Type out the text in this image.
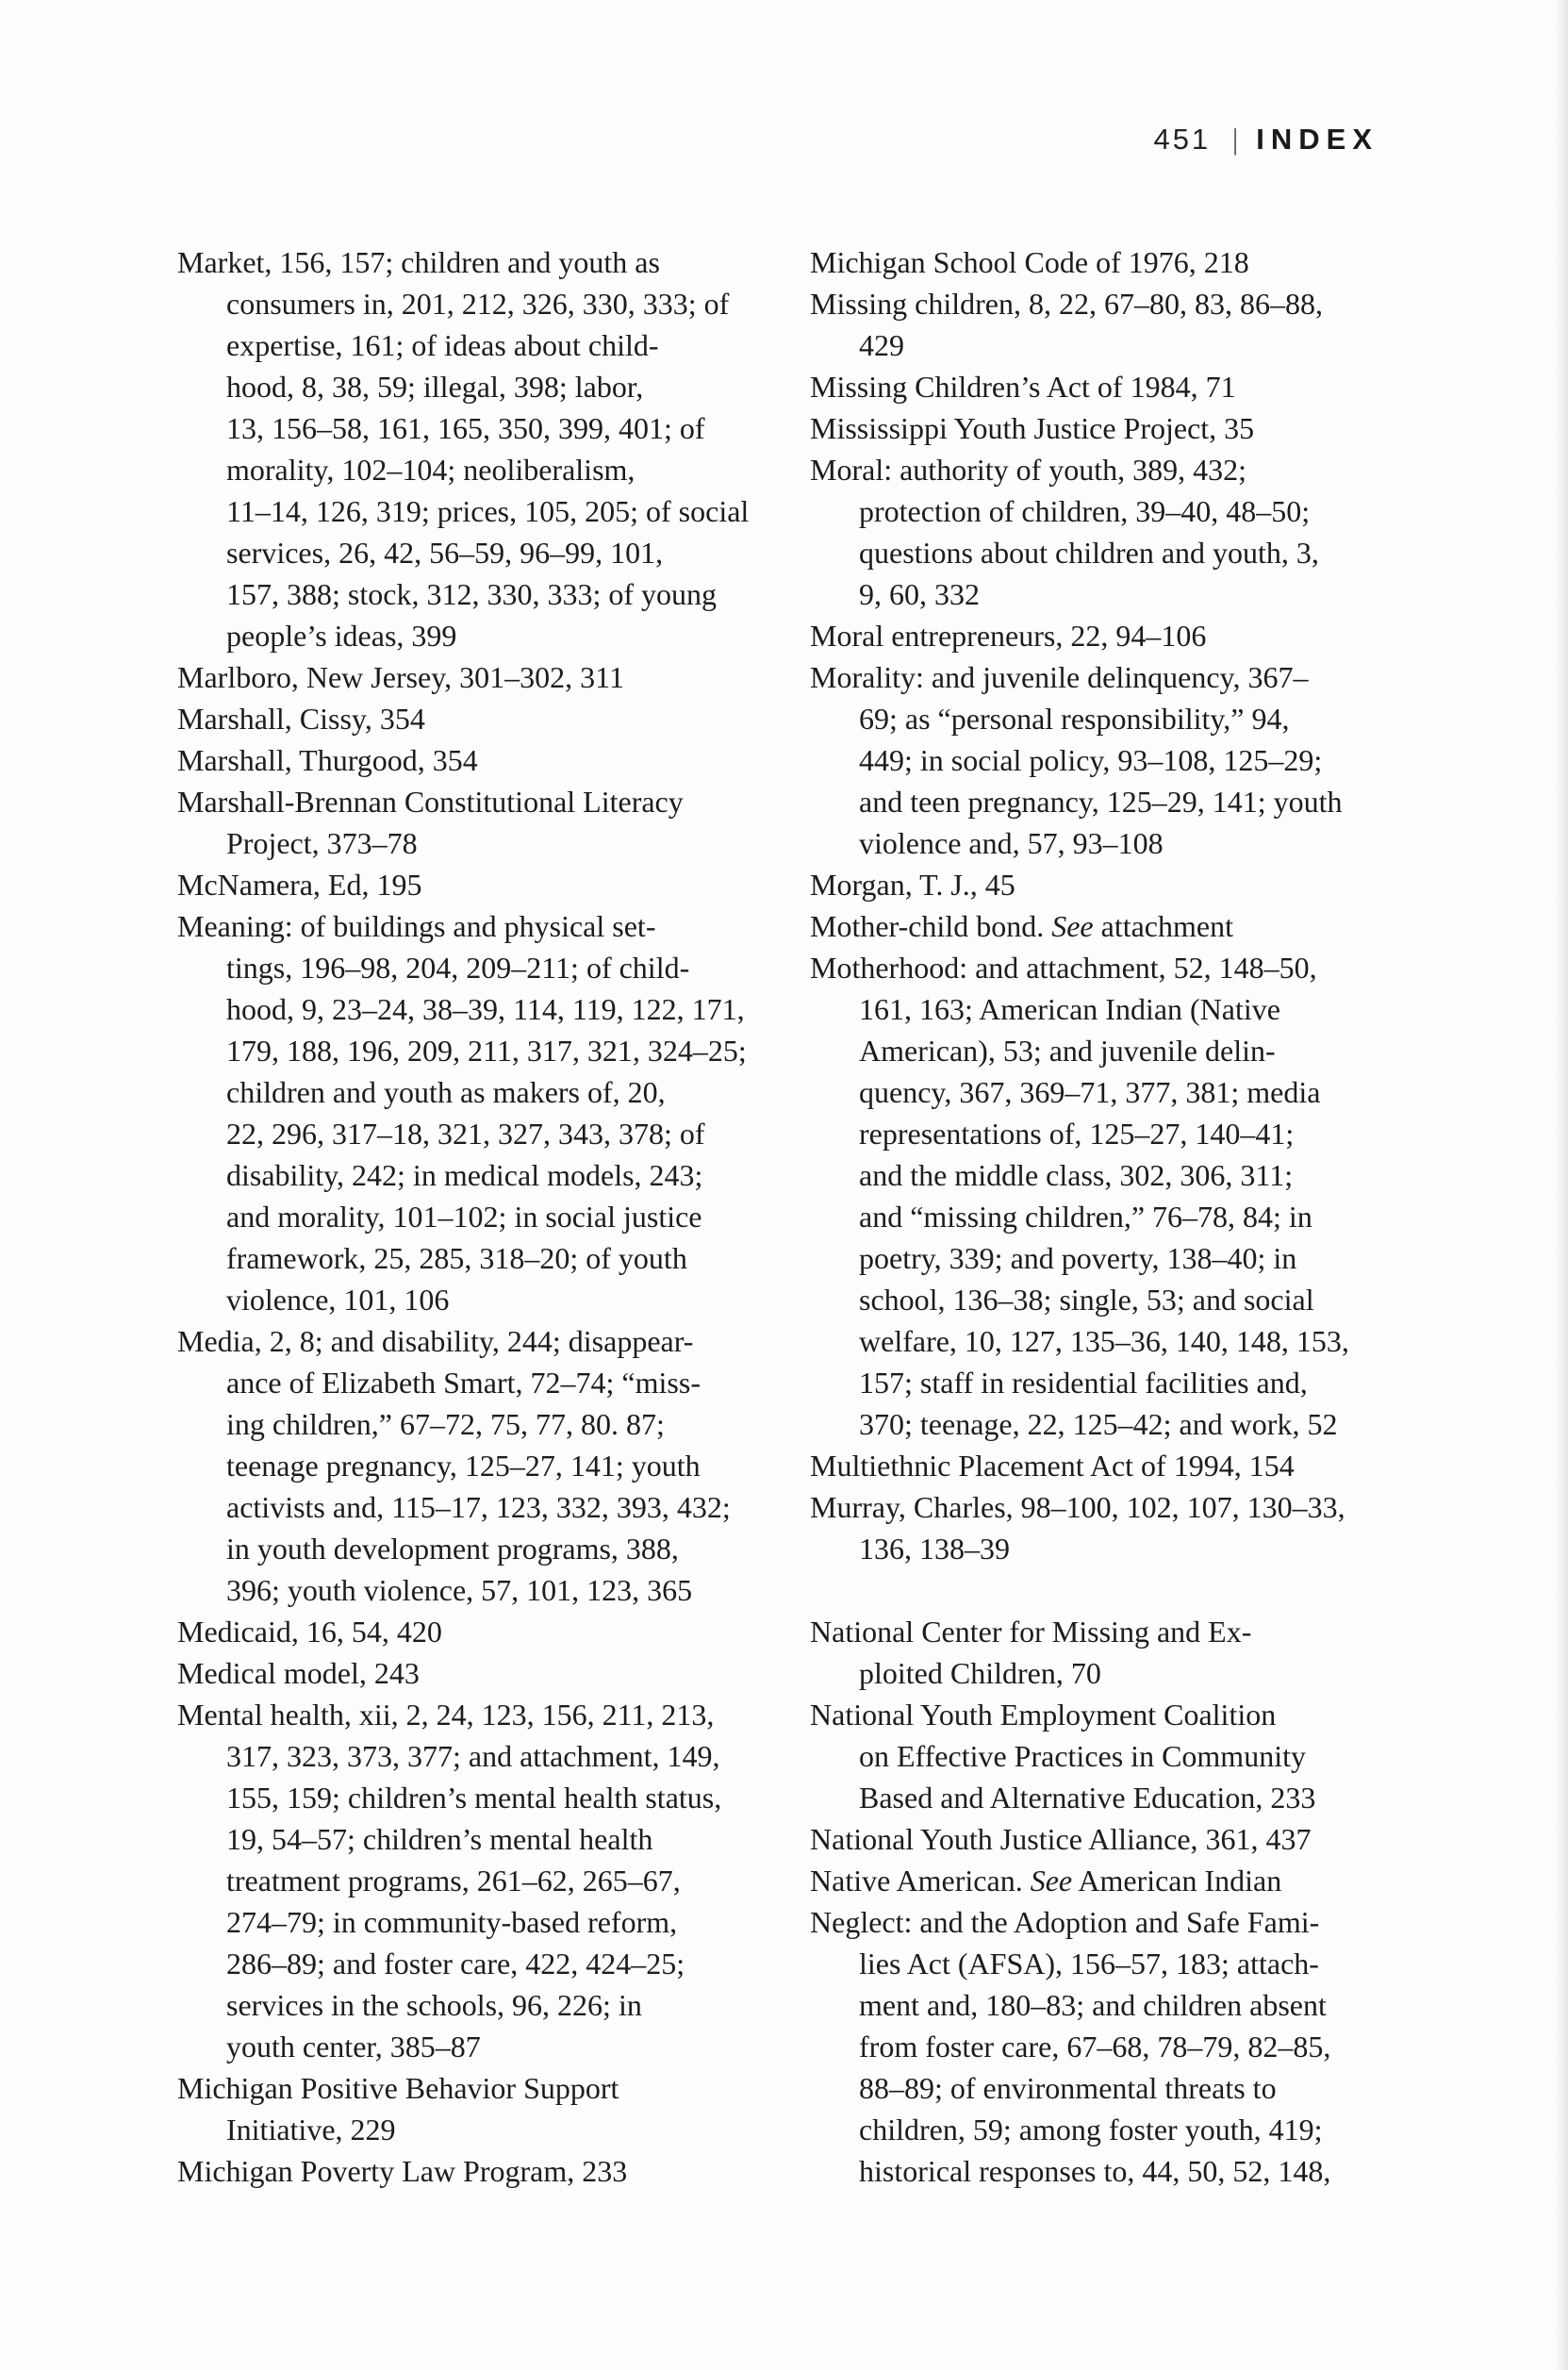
451 | INDEX
Market, 156, 157; children and youth as
consumers in, 201, 212, 326, 330, 333; of
expertise, 161; of ideas about child-
hood, 8, 38, 59; illegal, 398; labor,
13, 156–58, 161, 165, 350, 399, 401; of
morality, 102–104; neoliberalism,
11–14, 126, 319; prices, 105, 205; of social
services, 26, 42, 56–59, 96–99, 101,
157, 388; stock, 312, 330, 333; of young
people’s ideas, 399
Marlboro, New Jersey, 301–302, 311
Marshall, Cissy, 354
Marshall, Thurgood, 354
Marshall-Brennan Constitutional Literacy
Project, 373–78
McNamera, Ed, 195
Meaning: of buildings and physical set-
tings, 196–98, 204, 209–211; of child-
hood, 9, 23–24, 38–39, 114, 119, 122, 171,
179, 188, 196, 209, 211, 317, 321, 324–25;
children and youth as makers of, 20,
22, 296, 317–18, 321, 327, 343, 378; of
disability, 242; in medical models, 243;
and morality, 101–102; in social justice
framework, 25, 285, 318–20; of youth
violence, 101, 106
Media, 2, 8; and disability, 244; disappear-
ance of Elizabeth Smart, 72–74; “miss-
ing children,” 67–72, 75, 77, 80. 87;
teenage pregnancy, 125–27, 141; youth
activists and, 115–17, 123, 332, 393, 432;
in youth development programs, 388,
396; youth violence, 57, 101, 123, 365
Medicaid, 16, 54, 420
Medical model, 243
Mental health, xii, 2, 24, 123, 156, 211, 213,
317, 323, 373, 377; and attachment, 149,
155, 159; children’s mental health status,
19, 54–57; children’s mental health
treatment programs, 261–62, 265–67,
274–79; in community-based reform,
286–89; and foster care, 422, 424–25;
services in the schools, 96, 226; in
youth center, 385–87
Michigan Positive Behavior Support
Initiative, 229
Michigan Poverty Law Program, 233
Michigan School Code of 1976, 218
Missing children, 8, 22, 67–80, 83, 86–88,
429
Missing Children’s Act of 1984, 71
Mississippi Youth Justice Project, 35
Moral: authority of youth, 389, 432;
protection of children, 39–40, 48–50;
questions about children and youth, 3,
9, 60, 332
Moral entrepreneurs, 22, 94–106
Morality: and juvenile delinquency, 367–
69; as “personal responsibility,” 94,
449; in social policy, 93–108, 125–29;
and teen pregnancy, 125–29, 141; youth
violence and, 57, 93–108
Morgan, T. J., 45
Mother-child bond. See attachment
Motherhood: and attachment, 52, 148–50,
161, 163; American Indian (Native
American), 53; and juvenile delin-
quency, 367, 369–71, 377, 381; media
representations of, 125–27, 140–41;
and the middle class, 302, 306, 311;
and “missing children,” 76–78, 84; in
poetry, 339; and poverty, 138–40; in
school, 136–38; single, 53; and social
welfare, 10, 127, 135–36, 140, 148, 153,
157; staff in residential facilities and,
370; teenage, 22, 125–42; and work, 52
Multiethnic Placement Act of 1994, 154
Murray, Charles, 98–100, 102, 107, 130–33,
136, 138–39

National Center for Missing and Ex-
ploited Children, 70
National Youth Employment Coalition
on Effective Practices in Community
Based and Alternative Education, 233
National Youth Justice Alliance, 361, 437
Native American. See American Indian
Neglect: and the Adoption and Safe Fami-
lies Act (AFSA), 156–57, 183; attach-
ment and, 180–83; and children absent
from foster care, 67–68, 78–79, 82–85,
88–89; of environmental threats to
children, 59; among foster youth, 419;
historical responses to, 44, 50, 52, 148,
